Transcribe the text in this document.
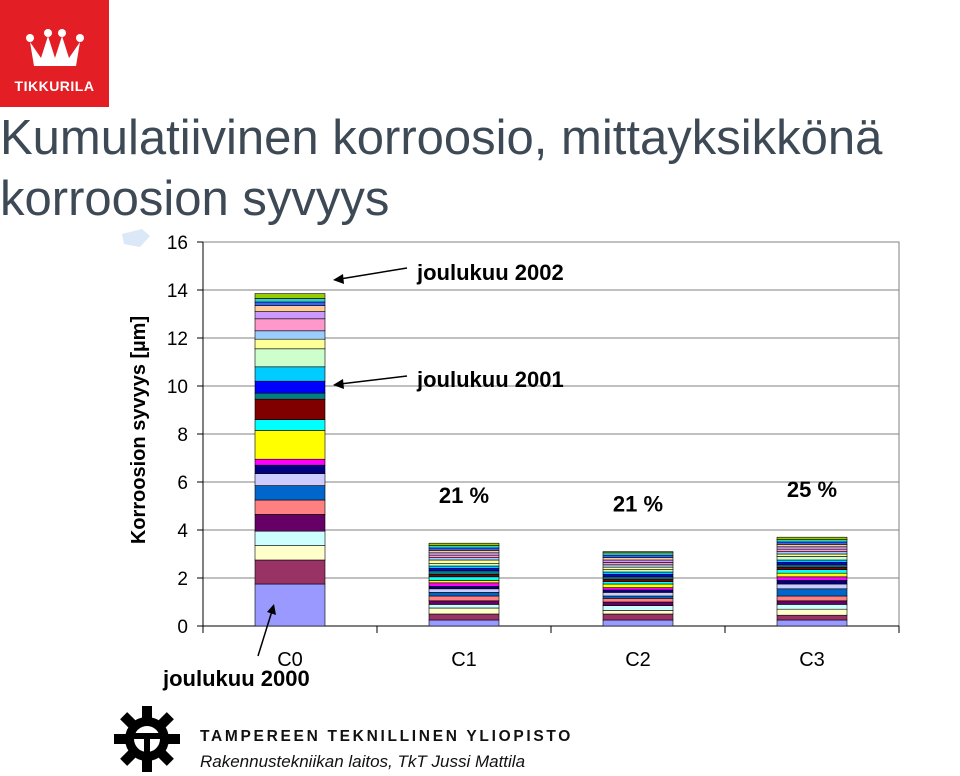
TIKKURILA
Kumulatiivinen korroosio, mittayksikkönä
korroosion syvyys
0
2
4
6
8
10
12
14
16
C0	C1	C2	C3
21 %	21 %
25 %
Korroosion syvyys [µm]
joulukuu 2002
joulukuu 2001
joulukuu 2000
TAMPEREEN TEKNILLINEN YLIOPISTO
Rakennustekniikan laitos, TkT Jussi Mattila
